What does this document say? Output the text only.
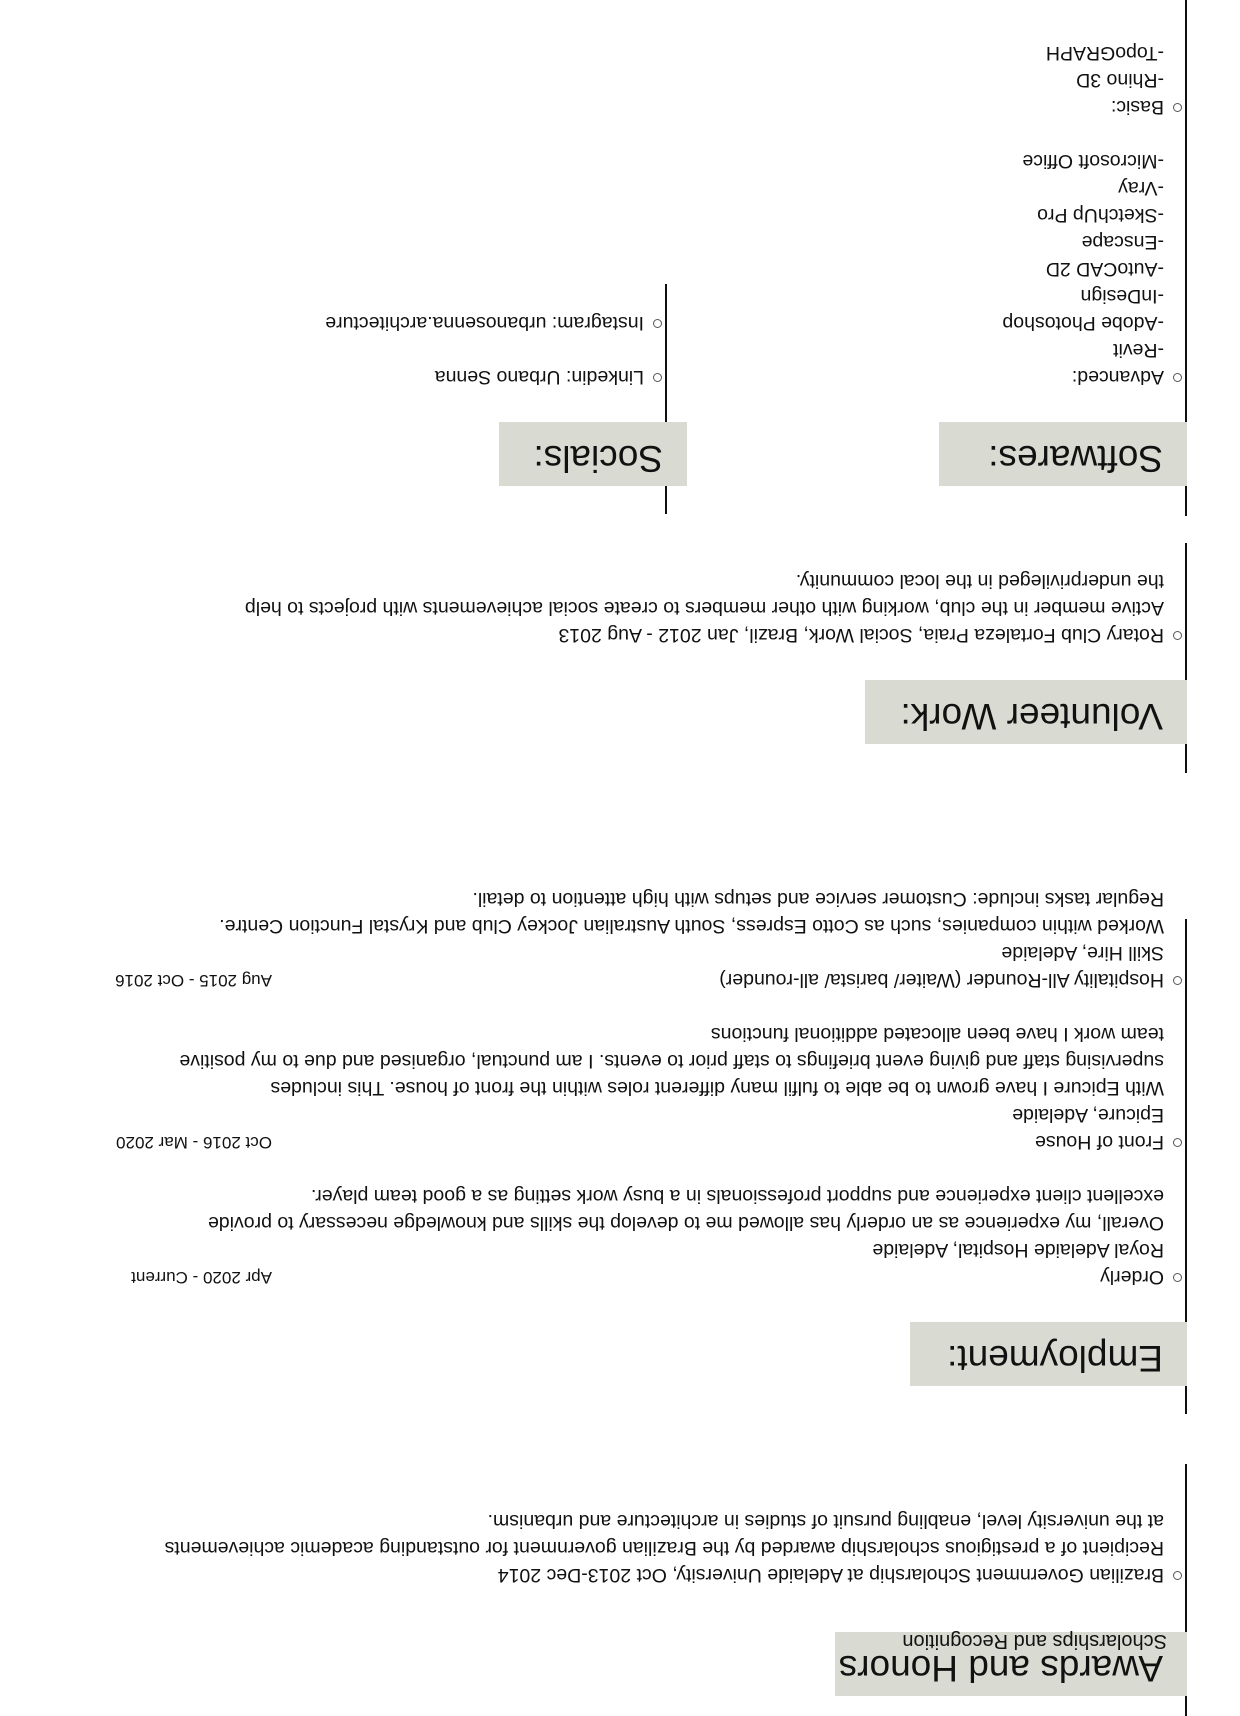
Awards and Honors
Scholarships and Recognition
Brazilian Government Scholarship at Adelaide University, Oct 2013-Dec 2014
Recipient of a prestigious scholarship awarded by the Brazilian government for outstanding academic achievements
at the university level, enabling pursuit of studies in architecture and urbanism.
Employment:
Orderly
Royal Adelaide Hospital, Adelaide
Overall, my experience as an orderly has allowed me to develop the skills and knowledge necessary to provide
excellent client experience and support professionals in a busy work setting as a good team player.
Front of House
Epicure, Adelaide
With Epicure I have grown to be able to fulfil many different roles within the front of house. This includes
supervising staff and giving event briefings to staff prior to events. I am punctual, organised and due to my positive
team work I have been allocated additional functions
Hospitality All-Rounder (Waiter/ barista/ all-rounder)
Skill Hire, Adelaide
Worked within companies, such as Cotto Espress, South Australian Jockey Club and Krystal Function Centre.
Regular tasks include: Customer service and setups with high attention to detail.
Apr 2020 - Current
Oct 2016 - Mar 2020
Aug 2015 - Oct 2016
Volunteer Work:
Rotary Club Fortaleza Praia, Social Work, Brazil, Jan 2012 - Aug 2013
Active member in the club, working with other members to create social achievements with projects to help
the underprivileged in the local community.
Softwares:
Advanced:
-Revit
-Adobe Photoshop
-InDesign
-AutoCAD 2D
-Enscape
-SketchUp Pro
-Vray
-Microsoft Office
Basic:
-Rhino 3D
-TopoGRAPH
Socials:
Linkedin: Urbano Senna
Instagram: urbanosenna.architecture
